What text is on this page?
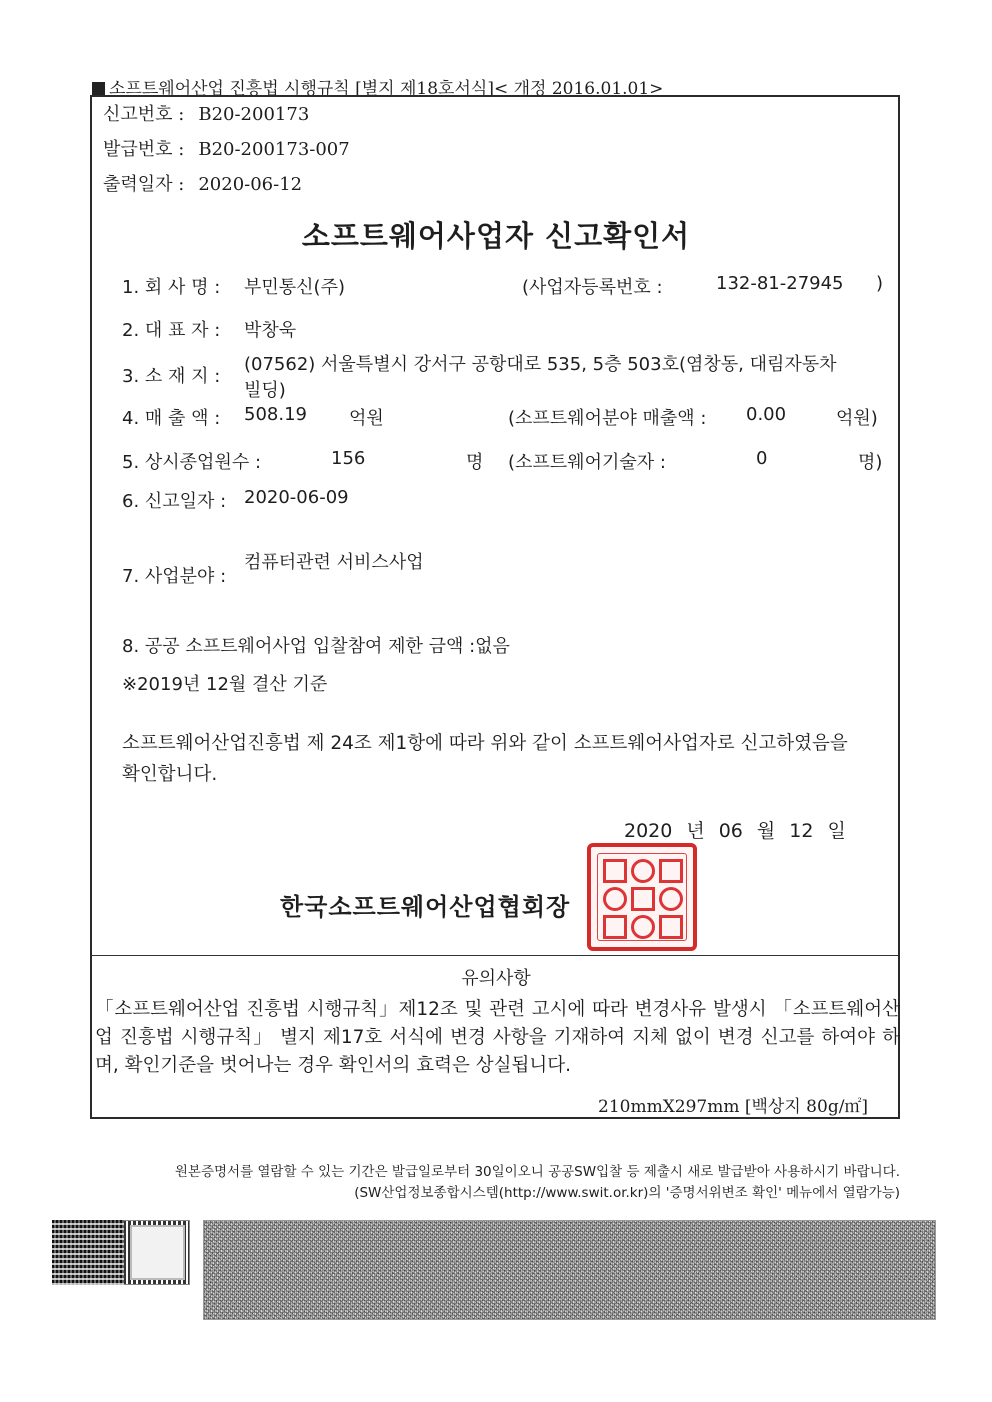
소프트웨어산업 진흥법 시행규칙 [별지 제18호서식]< 개정 2016.01.01>
신고번호 : B20-200173
발급번호 : B20-200173-007
출력일자 : 2020-06-12
소프트웨어사업자 신고확인서
1. 회 사 명 : 부민통신(주)	(사업자등록번호 :	132-81-27945 )
2. 대 표 자 : 박창욱
3. 소 재 지 :
(07562) 서울특별시 강서구 공항대로 535, 5층 503호(염창동, 대림자동차
빌딩)
4. 매 출 액 : 508.19 억원	(소프트웨어분야 매출액 : 0.00	억원)
5. 상시종업원수 :	156	명 (소프트웨어기술자 :	0	명)
6. 신고일자 : 2020-06-09
7. 사업분야 :
컴퓨터관련 서비스사업
8. 공공 소프트웨어사업 입찰참여 제한 금액 :없음
※2019년 12월 결산 기준
소프트웨어산업진흥법 제 24조 제1항에 따라 위와 같이 소프트웨어사업자로 신고하였음을 확인합니다.
2020 년 06 월 12 일
한국소프트웨어산업협회장
유의사항
「소프트웨어산업 진흥법 시행규칙」제12조 및 관련 고시에 따라 변경사유 발생시 「소프트웨어산업 진흥법 시행규칙」 별지 제17호 서식에 변경 사항을 기재하여 지체 없이 변경 신고를 하여야 하며, 확인기준을 벗어나는 경우 확인서의 효력은 상실됩니다.
210mmX297mm [백상지 80g/㎡]
원본증명서를 열람할 수 있는 기간은 발급일로부터 30일이오니 공공SW입찰 등 제출시 새로 발급받아 사용하시기 바랍니다.
(SW산업정보종합시스템(http://www.swit.or.kr)의 '증명서위변조 확인' 메뉴에서 열람가능)
